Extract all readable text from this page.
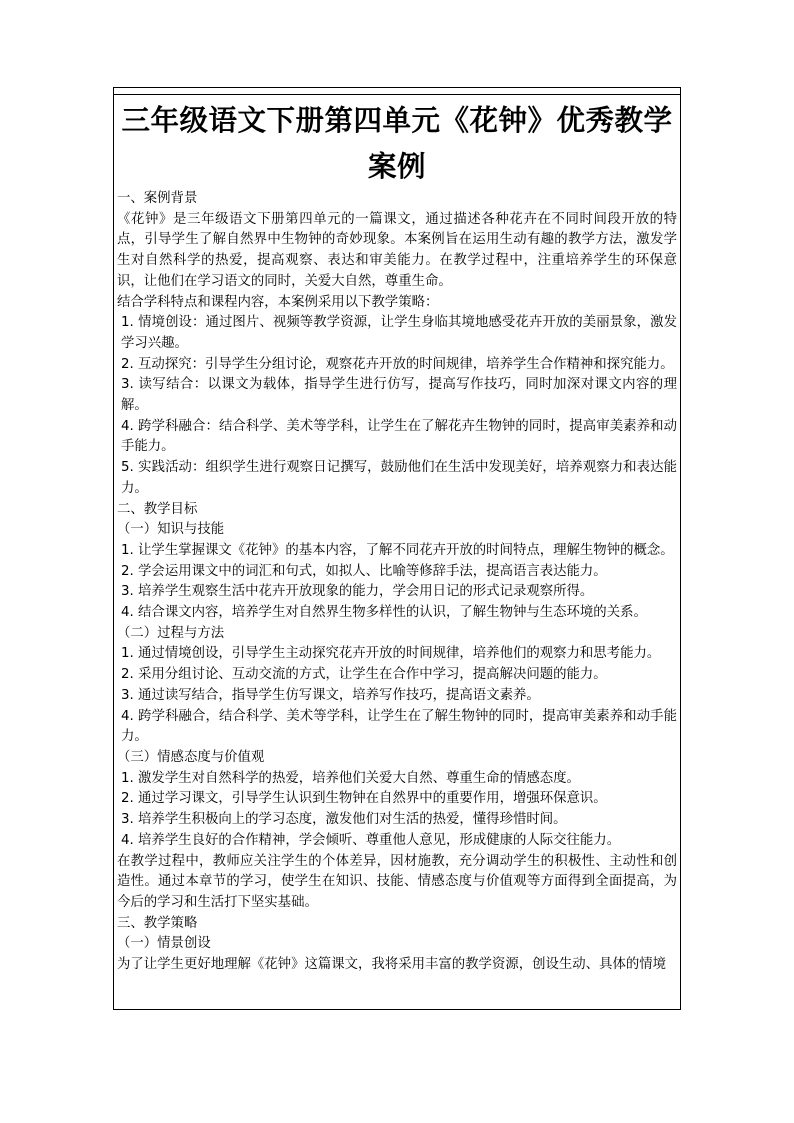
三年级语文下册第四单元《花钟》优秀教学案例

一、案例背景

《花钟》是三年级语文下册第四单元的一篇课文，通过描述各种花卉在不同时间段开放的特点，引导学生了解自然界中生物钟的奇妙现象。本案例旨在运用生动有趣的教学方法，激发学生对自然科学的热爱，提高观察、表达和审美能力。在教学过程中，注重培养学生的环保意识，让他们在学习语文的同时，关爱大自然，尊重生命。

结合学科特点和课程内容，本案例采用以下教学策略：

1. 情境创设：通过图片、视频等教学资源，让学生身临其境地感受花卉开放的美丽景象，激发学习兴趣。

2. 互动探究：引导学生分组讨论，观察花卉开放的时间规律，培养学生合作精神和探究能力。

3. 读写结合：以课文为载体，指导学生进行仿写，提高写作技巧，同时加深对课文内容的理解。

4. 跨学科融合：结合科学、美术等学科，让学生在了解花卉生物钟的同时，提高审美素养和动手能力。

5. 实践活动：组织学生进行观察日记撰写，鼓励他们在生活中发现美好，培养观察力和表达能力。

二、教学目标

（一）知识与技能

1. 让学生掌握课文《花钟》的基本内容，了解不同花卉开放的时间特点，理解生物钟的概念。

2. 学会运用课文中的词汇和句式，如拟人、比喻等修辞手法，提高语言表达能力。

3. 培养学生观察生活中花卉开放现象的能力，学会用日记的形式记录观察所得。

4. 结合课文内容，培养学生对自然界生物多样性的认识，了解生物钟与生态环境的关系。

（二）过程与方法

1. 通过情境创设，引导学生主动探究花卉开放的时间规律，培养他们的观察力和思考能力。

2. 采用分组讨论、互动交流的方式，让学生在合作中学习，提高解决问题的能力。

3. 通过读写结合，指导学生仿写课文，培养写作技巧，提高语文素养。

4. 跨学科融合，结合科学、美术等学科，让学生在了解生物钟的同时，提高审美素养和动手能力。

（三）情感态度与价值观

1. 激发学生对自然科学的热爱，培养他们关爱大自然、尊重生命的情感态度。

2. 通过学习课文，引导学生认识到生物钟在自然界中的重要作用，增强环保意识。

3. 培养学生积极向上的学习态度，激发他们对生活的热爱，懂得珍惜时间。

4. 培养学生良好的合作精神，学会倾听、尊重他人意见，形成健康的人际交往能力。

在教学过程中，教师应关注学生的个体差异，因材施教，充分调动学生的积极性、主动性和创造性。通过本章节的学习，使学生在知识、技能、情感态度与价值观等方面得到全面提高，为今后的学习和生活打下坚实基础。

三、教学策略

（一）情景创设

为了让学生更好地理解《花钟》这篇课文，我将采用丰富的教学资源，创设生动、具体的情境
